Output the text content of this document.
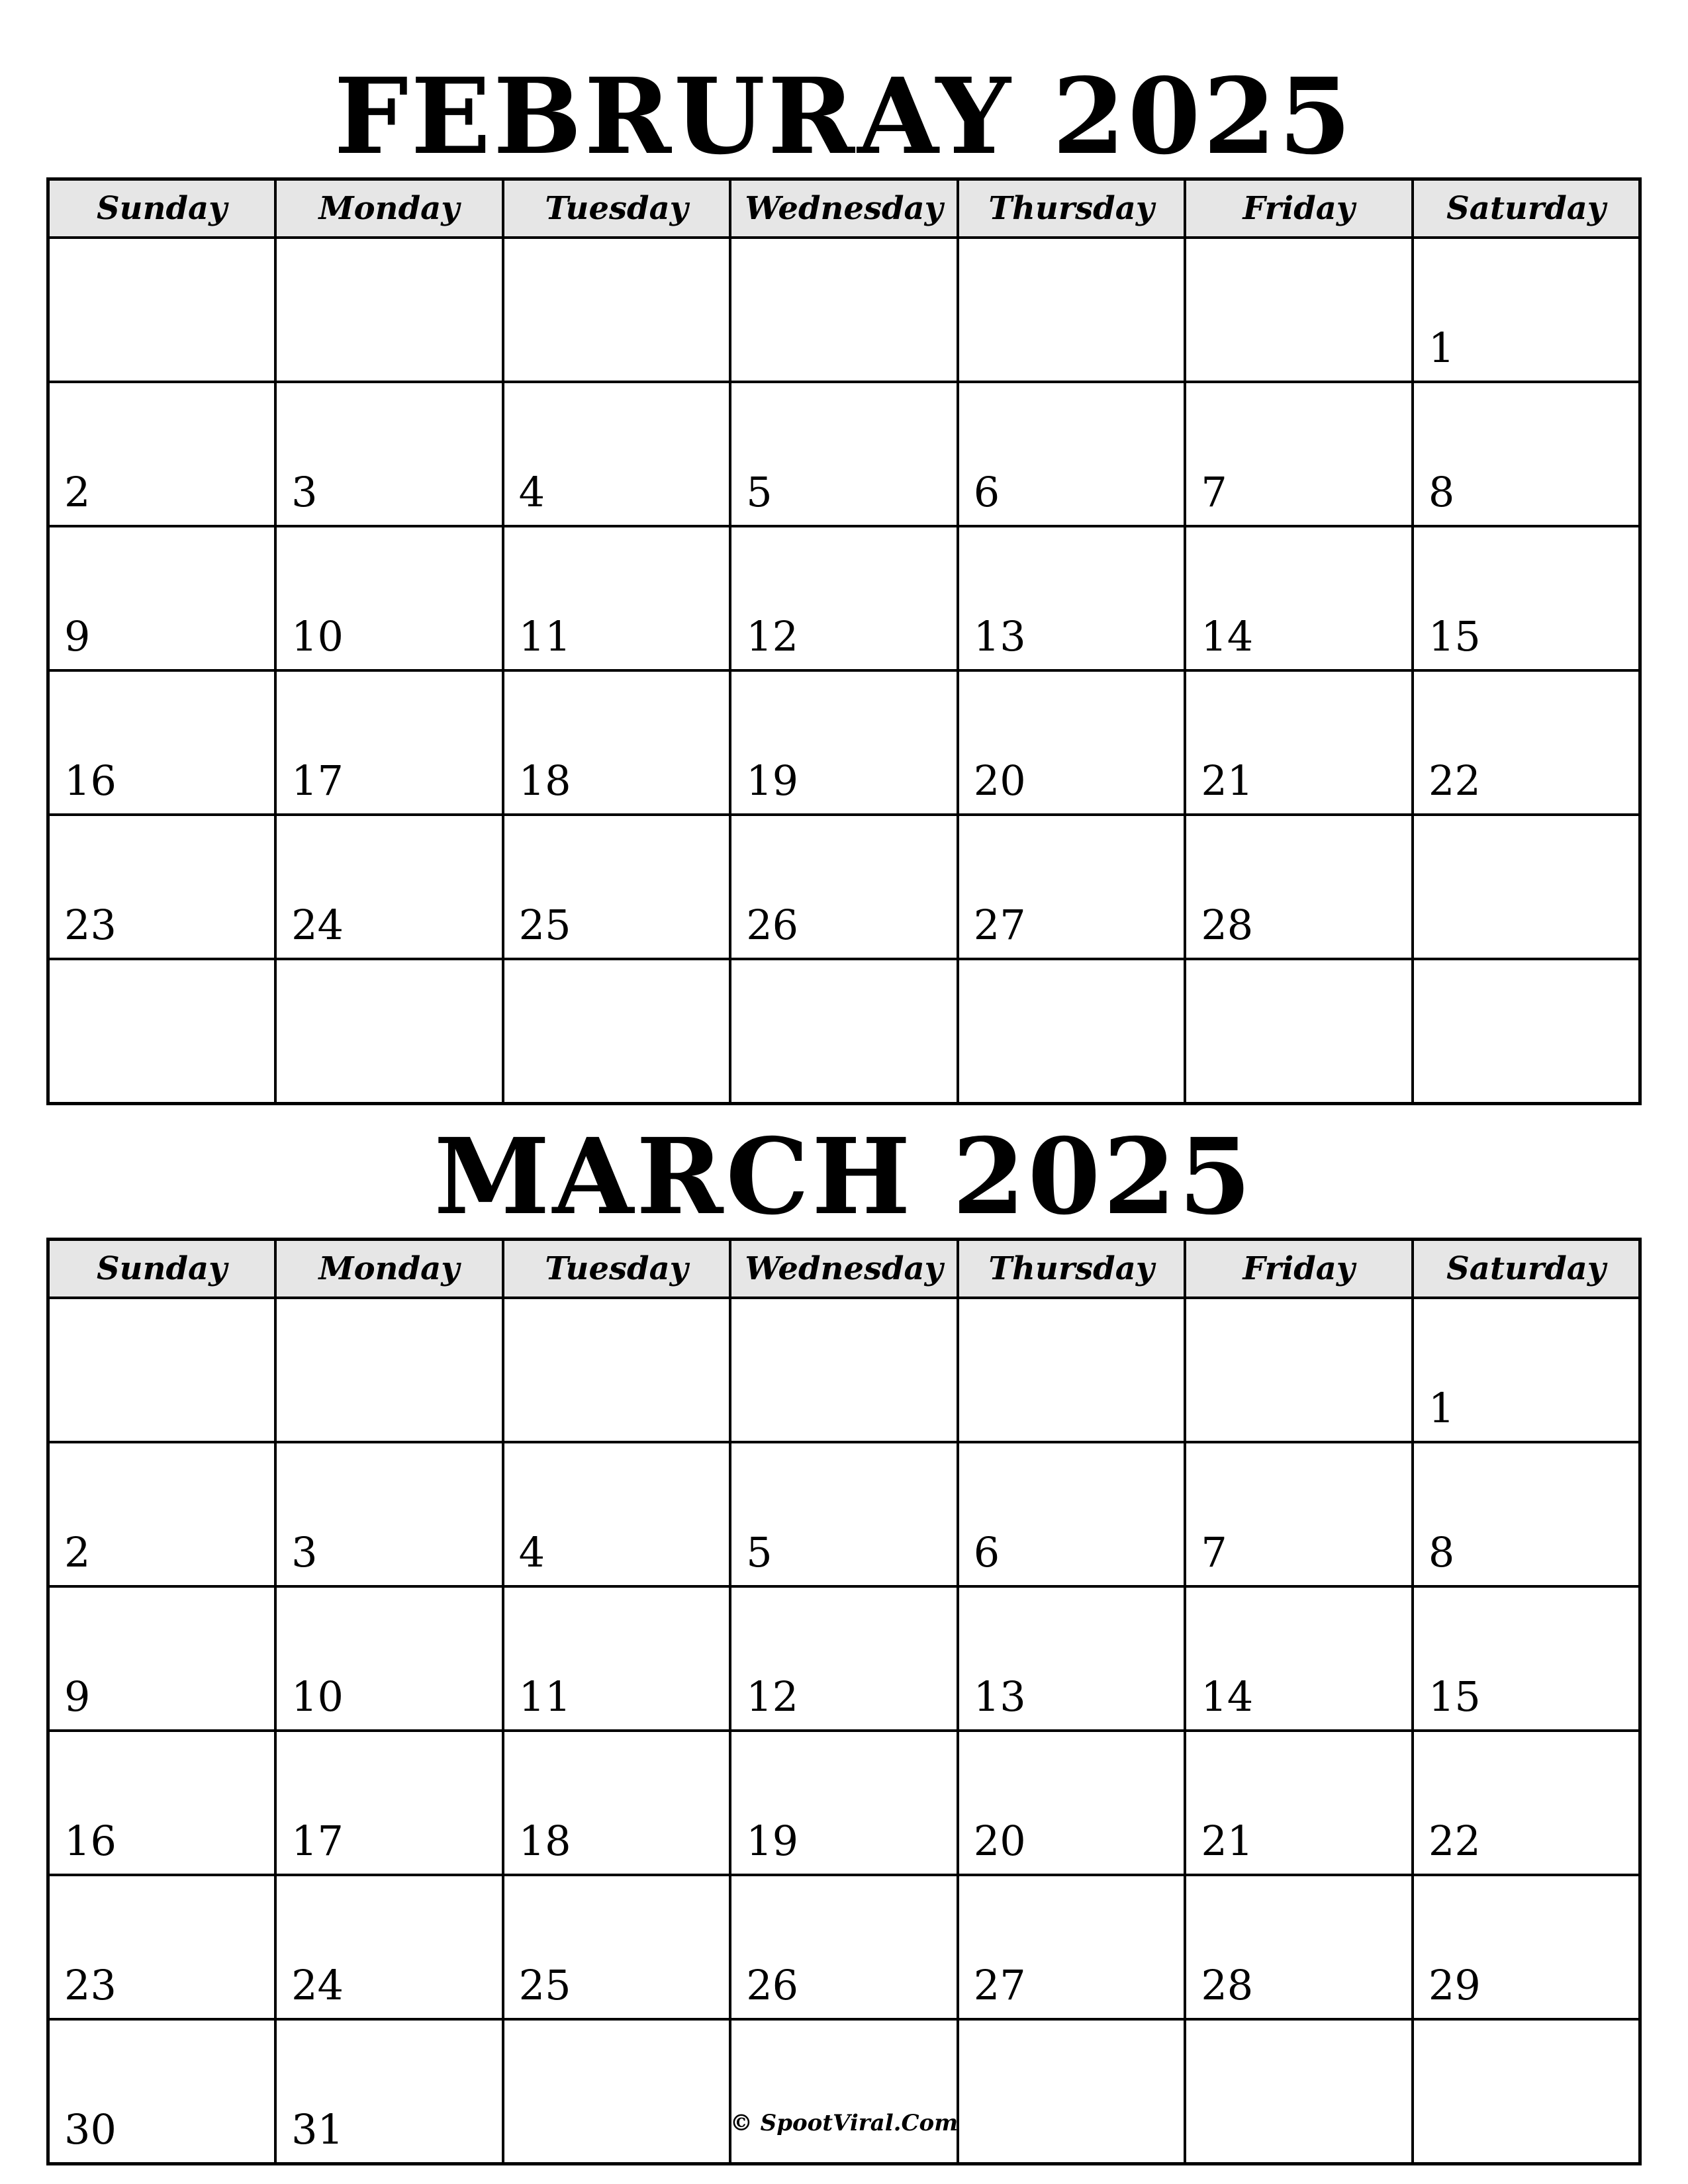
FEBRURAY 2025
Sunday	Monday	Tuesday	Wednesday	Thursday	Friday	Saturday
						1
2	3	4	5	6	7	8
9	10	11	12	13	14	15
16	17	18	19	20	21	22
23	24	25	26	27	28	

MARCH 2025
Sunday	Monday	Tuesday	Wednesday	Thursday	Friday	Saturday
						1
2	3	4	5	6	7	8
9	10	11	12	13	14	15
16	17	18	19	20	21	22
23	24	25	26	27	28	29
30	31						© SpootViral.Com
